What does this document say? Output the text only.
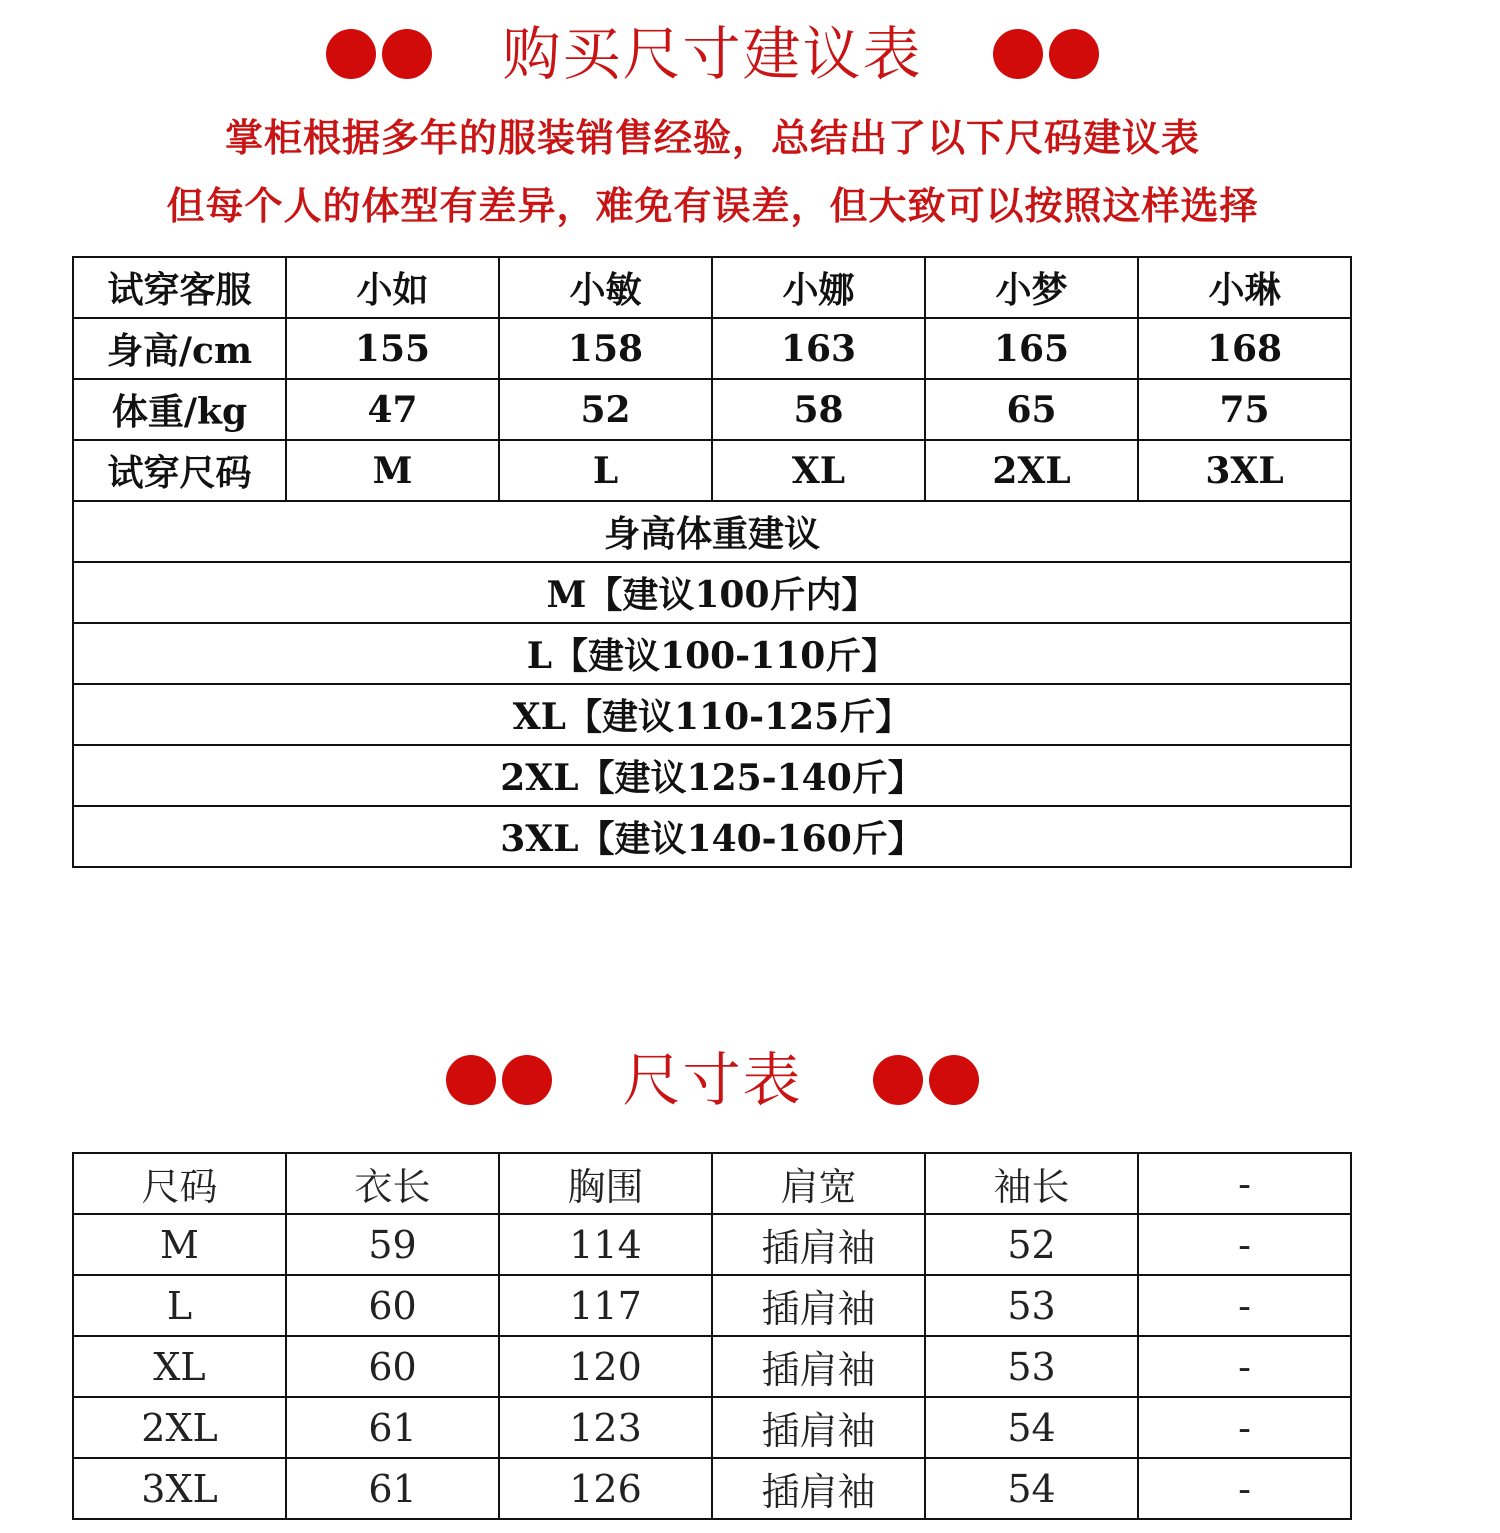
购买尺寸建议表
掌柜根据多年的服装销售经验，总结出了以下尺码建议表
但每个人的体型有差异，难免有误差，但大致可以按照这样选择
试穿客服	小如	小敏	小娜	小梦	小琳
身高/cm	155	158	163	165	168
体重/kg	47	52	58	65	75
试穿尺码	M	L	XL	2XL	3XL
身高体重建议					
M【建议100斤内】					
L【建议100-110斤】					
XL【建议110-125斤】					
2XL【建议125-140斤】					
3XL【建议140-160斤】					
尺寸表
尺码	衣长	胸围	肩宽	袖长	-
M	59	114	插肩袖	52	-
L	60	117	插肩袖	53	-
XL	60	120	插肩袖	53	-
2XL	61	123	插肩袖	54	-
3XL	61	126	插肩袖	54	-
